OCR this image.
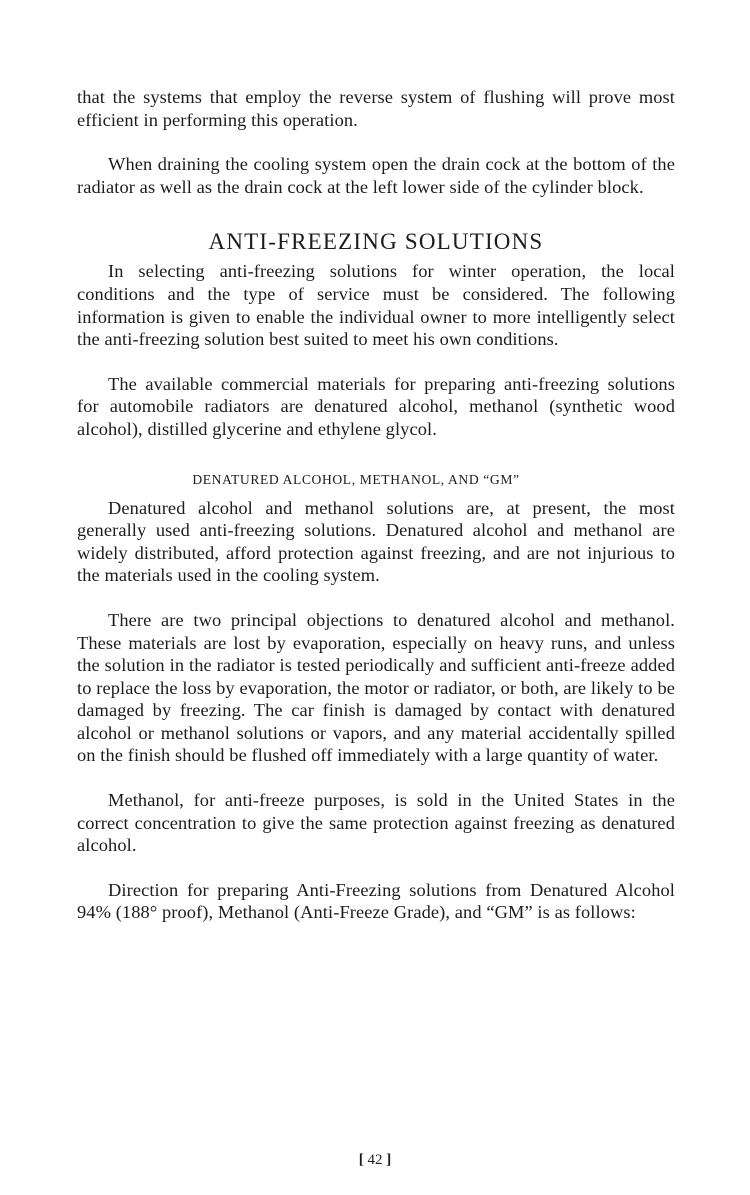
that the systems that employ the reverse system of flushing will prove most efficient in performing this operation.

When draining the cooling system open the drain cock at the bottom of the radiator as well as the drain cock at the left lower side of the cylinder block.

ANTI-FREEZING SOLUTIONS

In selecting anti-freezing solutions for winter operation, the local conditions and the type of service must be considered. The following information is given to enable the individual owner to more intelligently select the anti-freezing solution best suited to meet his own conditions.

The available commercial materials for preparing anti-freezing solutions for automobile radiators are denatured alcohol, methanol (synthetic wood alcohol), distilled glycerine and ethylene glycol.

DENATURED ALCOHOL, METHANOL, AND “GM”

Denatured alcohol and methanol solutions are, at present, the most generally used anti-freezing solutions. Denatured alcohol and methanol are widely distributed, afford protection against freezing, and are not injurious to the materials used in the cooling system.

There are two principal objections to denatured alcohol and methanol. These materials are lost by evaporation, especially on heavy runs, and unless the solution in the radiator is tested periodically and sufficient anti-freeze added to replace the loss by evaporation, the motor or radiator, or both, are likely to be damaged by freezing. The car finish is damaged by contact with denatured alcohol or methanol solutions or vapors, and any material accidentally spilled on the finish should be flushed off immediately with a large quantity of water.

Methanol, for anti-freeze purposes, is sold in the United States in the correct concentration to give the same protection against freezing as denatured alcohol.

Direction for preparing Anti-Freezing solutions from Denatured Alcohol 94% (188° proof), Methanol (Anti-Freeze Grade), and “GM” is as follows:

[ 42 ]
